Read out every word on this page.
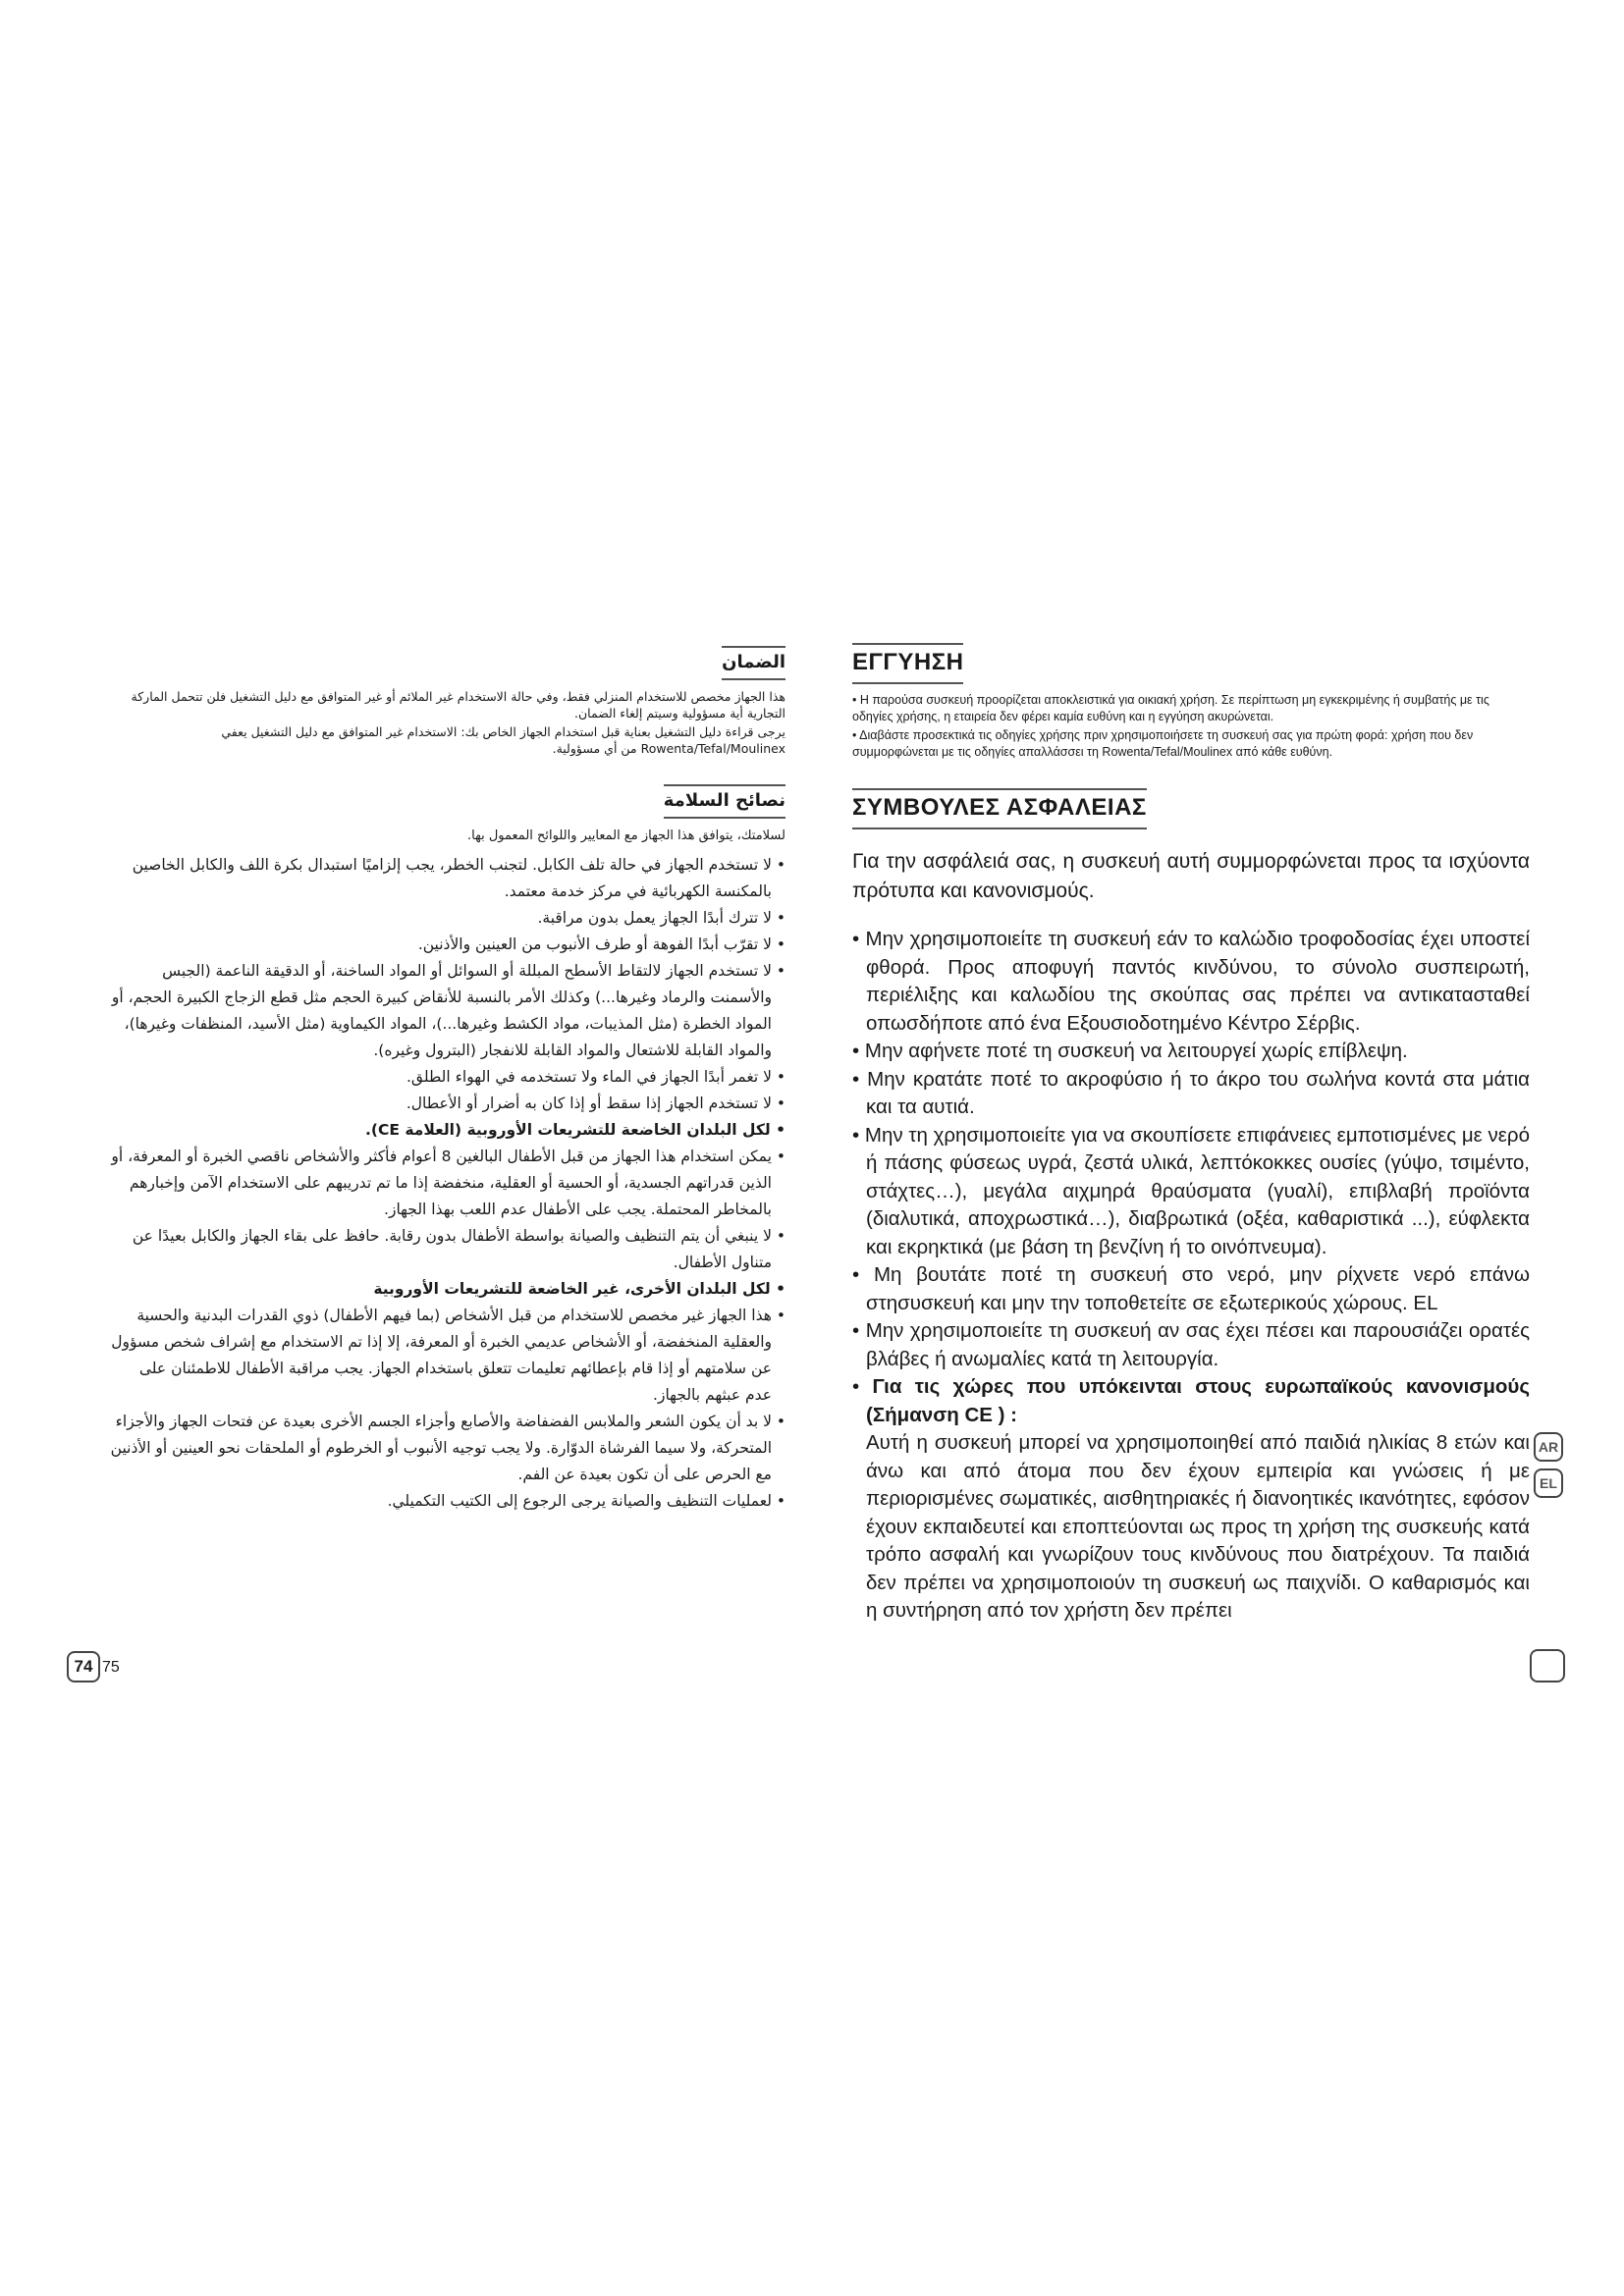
الضمان

هذا الجهاز مخصص للاستخدام المنزلي فقط، وفي حالة الاستخدام غير الملائم أو غير المتوافق مع دليل التشغيل فلن تتحمل الماركة التجارية أية مسؤولية وسيتم إلغاء الضمان.

يرجى قراءة دليل التشغيل بعناية قبل استخدام الجهاز الخاص بك: الاستخدام غير المتوافق مع دليل التشغيل يعفي Rowenta/Tefal/Moulinex من أي مسؤولية.

نصائح السلامة

لسلامتك، يتوافق هذا الجهاز مع المعايير واللوائح المعمول بها.

• لا تستخدم الجهاز في حالة تلف الكابل. لتجنب الخطر، يجب إلزاميًا استبدال بكرة اللف والكابل الخاصين بالمكنسة الكهربائية في مركز خدمة معتمد.
• لا تترك أبدًا الجهاز يعمل بدون مراقبة.
• لا تقرّب أبدًا الفوهة أو طرف الأنبوب من العينين والأذنين.
• لا تستخدم الجهاز لالتقاط الأسطح المبللة أو السوائل أو المواد الساخنة، أو الدقيقة الناعمة (الجبس والأسمنت والرماد وغيرها...) وكذلك الأمر بالنسبة للأنقاض كبيرة الحجم مثل قطع الزجاج الكبيرة الحجم، أو المواد الخطرة (مثل المذيبات، مواد الكشط وغيرها...)، المواد الكيماوية (مثل الأسيد، المنظفات وغيرها)، والمواد القابلة للاشتعال والمواد القابلة للانفجار (البترول وغيره).
• لا تغمر أبدًا الجهاز في الماء ولا تستخدمه في الهواء الطلق.
• لا تستخدم الجهاز إذا سقط أو إذا كان به أضرار أو الأعطال.
• لكل البلدان الخاضعة للتشريعات الأوروبية (العلامة CE).
• يمكن استخدام هذا الجهاز من قبل الأطفال البالغين 8 أعوام فأكثر والأشخاص ناقصي الخبرة أو المعرفة، أو الذين قدراتهم الجسدية، أو الحسية أو العقلية، منخفضة إذا ما تم تدريبهم على الاستخدام الآمن وإخبارهم بالمخاطر المحتملة. يجب على الأطفال عدم اللعب بهذا الجهاز.
• لا ينبغي أن يتم التنظيف والصيانة بواسطة الأطفال بدون رقابة. حافظ على بقاء الجهاز والكابل بعيدًا عن متناول الأطفال.
• لكل البلدان الأخرى، غير الخاضعة للتشريعات الأوروبية
• هذا الجهاز غير مخصص للاستخدام من قبل الأشخاص (بما فيهم الأطفال) ذوي القدرات البدنية والحسية والعقلية المنخفضة، أو الأشخاص عديمي الخبرة أو المعرفة، إلا إذا تم الاستخدام مع إشراف شخص مسؤول عن سلامتهم أو إذا قام بإعطائهم تعليمات تتعلق باستخدام الجهاز. يجب مراقبة الأطفال للاطمئنان على عدم عبثهم بالجهاز.
• لا بد أن يكون الشعر والملابس الفضفاضة والأصابع وأجزاء الجسم الأخرى بعيدة عن فتحات الجهاز والأجزاء المتحركة، ولا سيما الفرشاة الدوّارة. ولا يجب توجيه الأنبوب أو الخرطوم أو الملحقات نحو العينين أو الأذنين مع الحرص على أن تكون بعيدة عن الفم.
• لعمليات التنظيف والصيانة يرجى الرجوع إلى الكتيب التكميلي.
ΕΓΓΥΗΣΗ

• Η παρούσα συσκευή προορίζεται αποκλειστικά για οικιακή χρήση. Σε περίπτωση μη εγκεκριμένης ή συμβατής με τις οδηγίες χρήσης, η εταιρεία δεν φέρει καμία ευθύνη και η εγγύηση ακυρώνεται.

• Διαβάστε προσεκτικά τις οδηγίες χρήσης πριν χρησιμοποιήσετε τη συσκευή σας για πρώτη φορά: χρήση που δεν συμμορφώνεται με τις οδηγίες απαλλάσσει τη Rowenta/Tefal/Moulinex από κάθε ευθύνη.

ΣΥΜΒΟΥΛΕΣ ΑΣΦΑΛΕΙΑΣ

Για την ασφάλειά σας, η συσκευή αυτή συμμορφώνεται προς τα ισχύοντα πρότυπα και κανονισμούς.

• Μην χρησιμοποιείτε τη συσκευή εάν το καλώδιο τροφοδοσίας έχει υποστεί φθορά. Προς αποφυγή παντός κινδύνου, το σύνολο συσπειρωτή, περιέλιξης και καλωδίου της σκούπας σας πρέπει να αντικατασταθεί οπωσδήποτε από ένα Εξουσιοδοτημένο Κέντρο Σέρβις.
• Μην αφήνετε ποτέ τη συσκευή να λειτουργεί χωρίς επίβλεψη.
• Μην κρατάτε ποτέ το ακροφύσιο ή το άκρο του σωλήνα κοντά στα μάτια και τα αυτιά.
• Μην τη χρησιμοποιείτε για να σκουπίσετε επιφάνειες εμποτισμένες με νερό ή πάσης φύσεως υγρά, ζεστά υλικά, λεπτόκοκκες ουσίες (γύψο, τσιμέντο, στάχτες…), μεγάλα αιχμηρά θραύσματα (γυαλί), επιβλαβή προϊόντα (διαλυτικά, αποχρωστικά…), διαβρωτικά (οξέα, καθαριστικά ...), εύφλεκτα και εκρηκτικά (με βάση τη βενζίνη ή το οινόπνευμα).
• Μη βουτάτε ποτέ τη συσκευή στο νερό, μην ρίχνετε νερό επάνω στησυσκευή και μην την τοποθετείτε σε εξωτερικούς χώρους. EL
• Μην χρησιμοποιείτε τη συσκευή αν σας έχει πέσει και παρουσιάζει ορατές βλάβες ή ανωμαλίες κατά τη λειτουργία.
• Για τις χώρες που υπόκεινται στους ευρωπαϊκούς κανονισμούς (Σήμανση CE ) :
Αυτή η συσκευή μπορεί να χρησιμοποιηθεί από παιδιά ηλικίας 8 ετών και άνω και από άτομα που δεν έχουν εμπειρία και γνώσεις ή με περιορισμένες σωματικές, αισθητηριακές ή διανοητικές ικανότητες, εφόσον έχουν εκπαιδευτεί και εποπτεύονται ως προς τη χρήση της συσκευής κατά τρόπο ασφαλή και γνωρίζουν τους κινδύνους που διατρέχουν. Τα παιδιά δεν πρέπει να χρησιμοποιούν τη συσκευή ως παιχνίδι. Ο καθαρισμός και η συντήρηση από τον χρήστη δεν πρέπει
AR
EL
74 75
